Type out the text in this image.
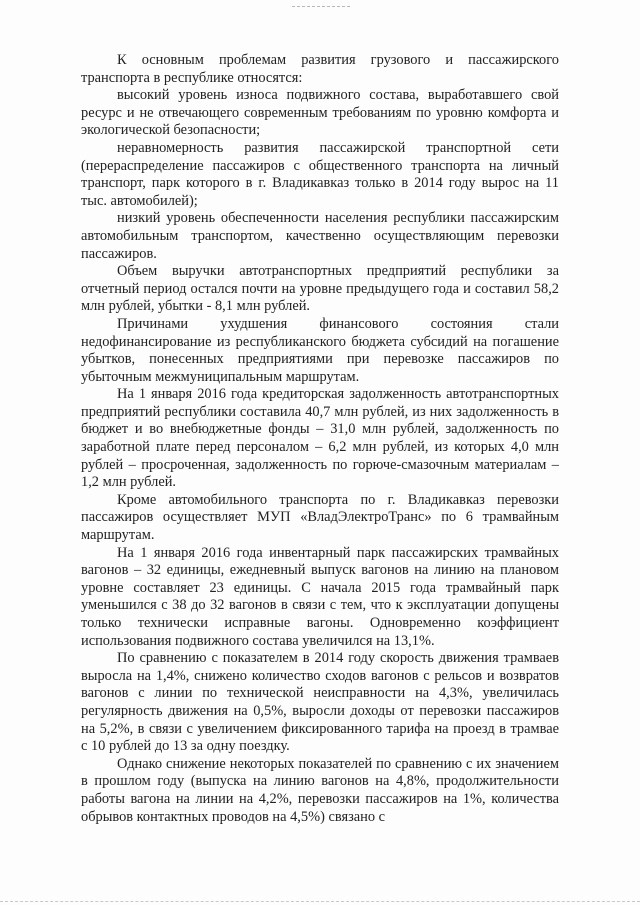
К основным проблемам развития грузового и пассажирского транспорта в республике относятся:

высокий уровень износа подвижного состава, выработавшего свой ресурс и не отвечающего современным требованиям по уровню комфорта и экологической безопасности;

неравномерность развития пассажирской транспортной сети (перераспределение пассажиров с общественного транспорта на личный транспорт, парк которого в г. Владикавказ только в 2014 году вырос на 11 тыс. автомобилей);

низкий уровень обеспеченности населения республики пассажирским автомобильным транспортом, качественно осуществляющим перевозки пассажиров.

Объем выручки автотранспортных предприятий республики за отчетный период остался почти на уровне предыдущего года и составил 58,2 млн рублей, убытки - 8,1 млн рублей.

Причинами ухудшения финансового состояния стали недофинансирование из республиканского бюджета субсидий на погашение убытков, понесенных предприятиями при перевозке пассажиров по убыточным межмуниципальным маршрутам.

На 1 января 2016 года кредиторская задолженность автотранспортных предприятий республики составила 40,7 млн рублей, из них задолженность в бюджет и во внебюджетные фонды – 31,0 млн рублей, задолженность по заработной плате перед персоналом – 6,2 млн рублей, из которых 4,0 млн рублей – просроченная, задолженность по горюче-смазочным материалам – 1,2 млн рублей.

Кроме автомобильного транспорта по г. Владикавказ перевозки пассажиров осуществляет МУП «ВладЭлектроТранс» по 6 трамвайным маршрутам.

На 1 января 2016 года инвентарный парк пассажирских трамвайных вагонов – 32 единицы, ежедневный выпуск вагонов на линию на плановом уровне составляет 23 единицы. С начала 2015 года трамвайный парк уменьшился с 38 до 32 вагонов в связи с тем, что к эксплуатации допущены только технически исправные вагоны. Одновременно коэффициент использования подвижного состава увеличился на 13,1%.

По сравнению с показателем в 2014 году скорость движения трамваев выросла на 1,4%, снижено количество сходов вагонов с рельсов и возвратов вагонов с линии по технической неисправности на 4,3%, увеличилась регулярность движения на 0,5%, выросли доходы от перевозки пассажиров на 5,2%, в связи с увеличением фиксированного тарифа на проезд в трамвае с 10 рублей до 13 за одну поездку.

Однако снижение некоторых показателей по сравнению с их значением в прошлом году (выпуска на линию вагонов на 4,8%, продолжительности работы вагона на линии на 4,2%, перевозки пассажиров на 1%, количества обрывов контактных проводов на 4,5%) связано с
